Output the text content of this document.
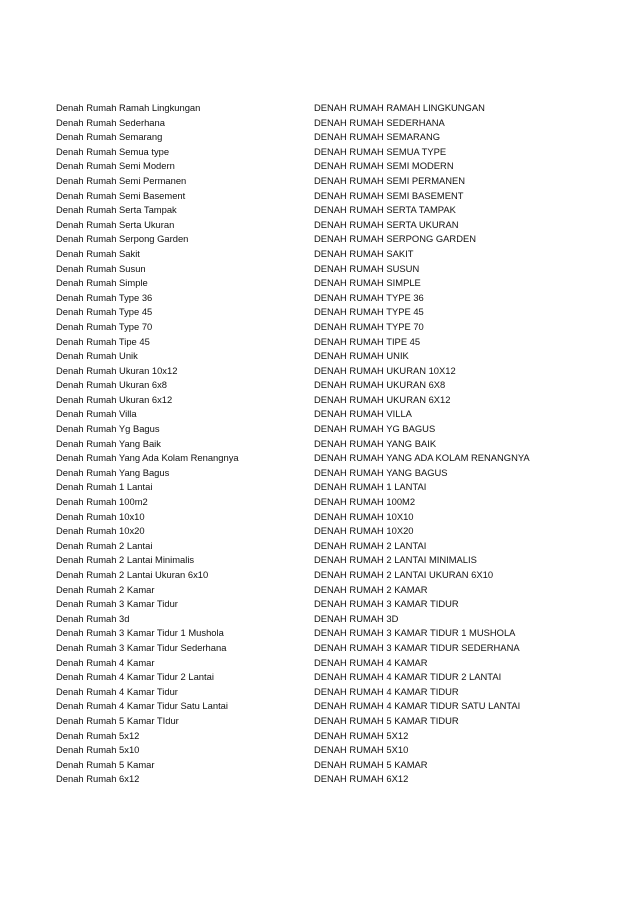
Denah Rumah Ramah Lingkungan	DENAH RUMAH RAMAH LINGKUNGAN
Denah Rumah Sederhana	DENAH RUMAH SEDERHANA
Denah Rumah Semarang	DENAH RUMAH SEMARANG
Denah Rumah Semua type	DENAH RUMAH SEMUA TYPE
Denah Rumah Semi Modern	DENAH RUMAH SEMI MODERN
Denah Rumah Semi Permanen	DENAH RUMAH SEMI PERMANEN
Denah Rumah Semi Basement	DENAH RUMAH SEMI BASEMENT
Denah Rumah Serta Tampak	DENAH RUMAH SERTA TAMPAK
Denah Rumah Serta Ukuran	DENAH RUMAH SERTA UKURAN
Denah Rumah Serpong Garden	DENAH RUMAH SERPONG GARDEN
Denah Rumah Sakit	DENAH RUMAH SAKIT
Denah Rumah Susun	DENAH RUMAH SUSUN
Denah Rumah Simple	DENAH RUMAH SIMPLE
Denah Rumah Type 36	DENAH RUMAH TYPE 36
Denah Rumah Type 45	DENAH RUMAH TYPE 45
Denah Rumah Type 70	DENAH RUMAH TYPE 70
Denah Rumah Tipe 45	DENAH RUMAH TIPE 45
Denah Rumah Unik	DENAH RUMAH UNIK
Denah Rumah Ukuran 10x12	DENAH RUMAH UKURAN 10X12
Denah Rumah Ukuran 6x8	DENAH RUMAH UKURAN 6X8
Denah Rumah Ukuran 6x12	DENAH RUMAH UKURAN 6X12
Denah Rumah Villa	DENAH RUMAH VILLA
Denah Rumah Yg Bagus	DENAH RUMAH YG BAGUS
Denah Rumah Yang Baik	DENAH RUMAH YANG BAIK
Denah Rumah Yang Ada Kolam Renangnya	DENAH RUMAH YANG ADA KOLAM RENANGNYA
Denah Rumah Yang Bagus	DENAH RUMAH YANG BAGUS
Denah Rumah 1 Lantai	DENAH RUMAH 1 LANTAI
Denah Rumah 100m2	DENAH RUMAH 100M2
Denah Rumah 10x10	DENAH RUMAH 10X10
Denah Rumah 10x20	DENAH RUMAH 10X20
Denah Rumah 2 Lantai	DENAH RUMAH 2 LANTAI
Denah Rumah 2 Lantai Minimalis	DENAH RUMAH 2 LANTAI MINIMALIS
Denah Rumah 2 Lantai Ukuran 6x10	DENAH RUMAH 2 LANTAI UKURAN 6X10
Denah Rumah 2 Kamar	DENAH RUMAH 2 KAMAR
Denah Rumah 3 Kamar Tidur	DENAH RUMAH 3 KAMAR TIDUR
Denah Rumah 3d	DENAH RUMAH 3D
Denah Rumah 3 Kamar Tidur 1 Mushola	DENAH RUMAH 3 KAMAR TIDUR 1 MUSHOLA
Denah Rumah 3 Kamar Tidur Sederhana	DENAH RUMAH 3 KAMAR TIDUR SEDERHANA
Denah Rumah 4 Kamar	DENAH RUMAH 4 KAMAR
Denah Rumah 4 Kamar Tidur 2 Lantai	DENAH RUMAH 4 KAMAR TIDUR 2 LANTAI
Denah Rumah 4 Kamar Tidur	DENAH RUMAH 4 KAMAR TIDUR
Denah Rumah 4 Kamar Tidur Satu Lantai	DENAH RUMAH 4 KAMAR TIDUR SATU LANTAI
Denah Rumah 5 Kamar TIdur	DENAH RUMAH 5 KAMAR TIDUR
Denah Rumah 5x12	DENAH RUMAH 5X12
Denah Rumah 5x10	DENAH RUMAH 5X10
Denah Rumah 5 Kamar	DENAH RUMAH 5 KAMAR
Denah Rumah 6x12	DENAH RUMAH 6X12
